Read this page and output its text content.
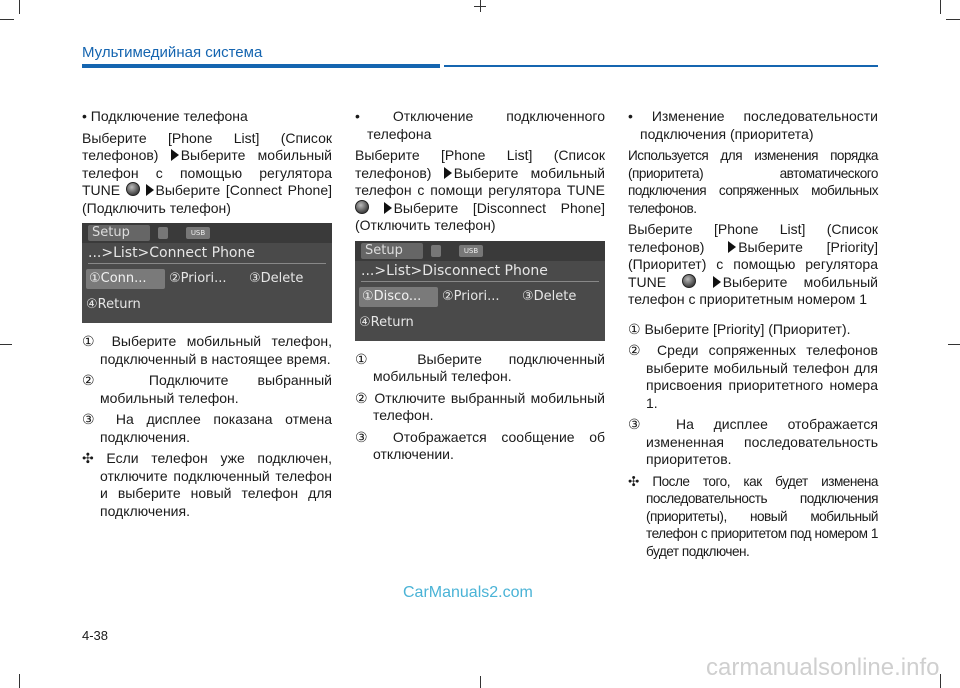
Мультимедийная система

• Подключение телефона

Выберите [Phone List] (Список телефонов) Выберите мобильный телефон с помощью регулятора TUNE	Выберите [Connect Phone] (Подключить телефон)

Setup	USB
...>List>Connect Phone
①Conn...	②Priori...	③Delete
④Return

① Выберите мобильный телефон, подключенный в настоящее время.

② Подключите выбранный мобильный телефон.

③ На дисплее показана отмена подключения.

✣ Если телефон уже подключен, отключите подключенный телефон и выберите новый телефон для подключения.

• Отключение подключенного телефона

Выберите [Phone List] (Список телефонов) Выберите мобильный телефон с помощи регулятора TUNE  Выберите [Disconnect Phone] (Отключить телефон)

Setup	USB
...>List>Disconnect Phone
①Disco...	②Priori...	③Delete
④Return

① Выберите подключенный мобильный телефон.

② Отключите выбранный мобильный телефон.

③ Отображается сообщение об отключении.

• Изменение последовательности подключения (приоритета)

Используется для изменения порядка (приоритета) автоматического подключения сопряженных мобильных телефонов.

Выберите [Phone List] (Список телефонов) Выберите [Priority] (Приоритет) с помощью регулятора TUNE	Выберите мобильный телефон с приоритетным номером 1

① Выберите [Priority] (Приоритет).

② Среди сопряженных телефонов выберите мобильный телефон для присвоения приоритетного номера 1.

③ На дисплее отображается измененная последовательность приоритетов.

✣ После того, как будет изменена последовательность подключения (приоритеты), новый мобильный телефон с приоритетом под номером 1 будет подключен.

CarManuals2.com
4-38
carmanualsonline.info
